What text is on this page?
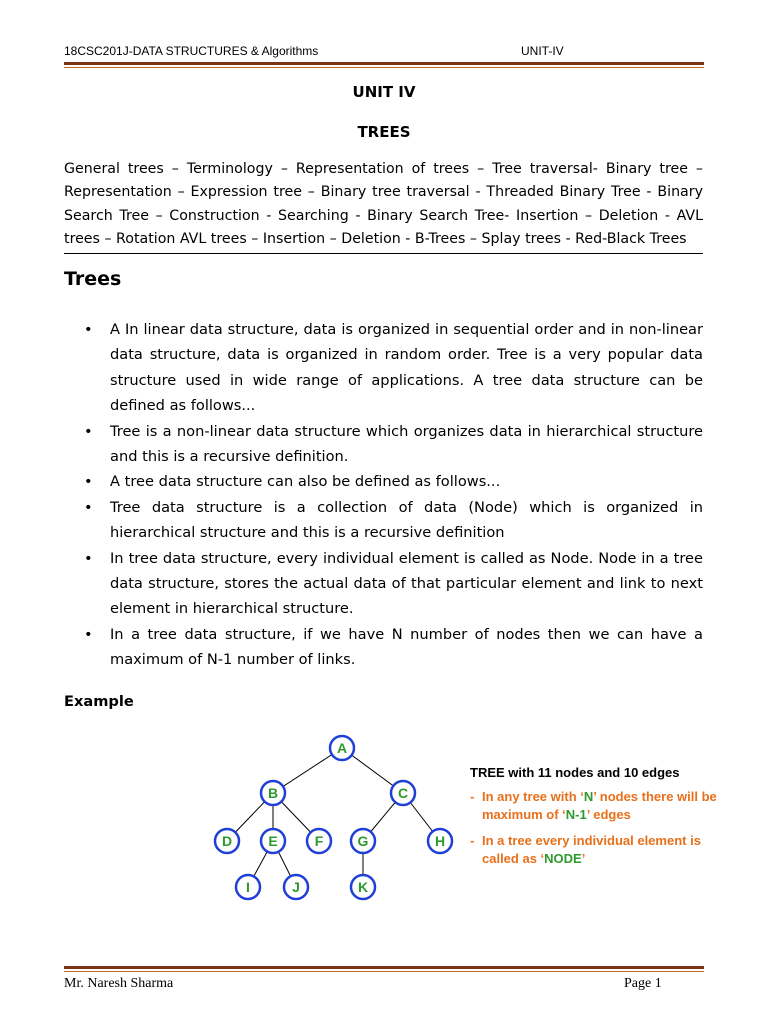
18CSC201J-DATA STRUCTURES & Algorithms	UNIT-IV
UNIT IV
TREES
General trees – Terminology – Representation of trees – Tree traversal- Binary tree – Representation – Expression tree – Binary tree traversal - Threaded Binary Tree - Binary Search Tree – Construction - Searching - Binary Search Tree- Insertion – Deletion - AVL trees – Rotation AVL trees – Insertion – Deletion - B-Trees – Splay trees - Red-Black Trees
Trees
• A In linear data structure, data is organized in sequential order and in non-linear data structure, data is organized in random order. Tree is a very popular data structure used in wide range of applications. A tree data structure can be defined as follows...
• Tree is a non-linear data structure which organizes data in hierarchical structure and this is a recursive definition.
• A tree data structure can also be defined as follows...
• Tree data structure is a collection of data (Node) which is organized in hierarchical structure and this is a recursive definition
• In tree data structure, every individual element is called as Node. Node in a tree data structure, stores the actual data of that particular element and link to next element in hierarchical structure.
• In a tree data structure, if we have N number of nodes then we can have a maximum of N-1 number of links.
Example
A
B	C
D	E	F G	H
I	J	K
TREE with 11 nodes and 10 edges
- In any tree with ‘N’ nodes there will be maximum of ‘N-1’ edges
- In a tree every individual element is called as ‘NODE’
Mr. Naresh Sharma	Page 1
